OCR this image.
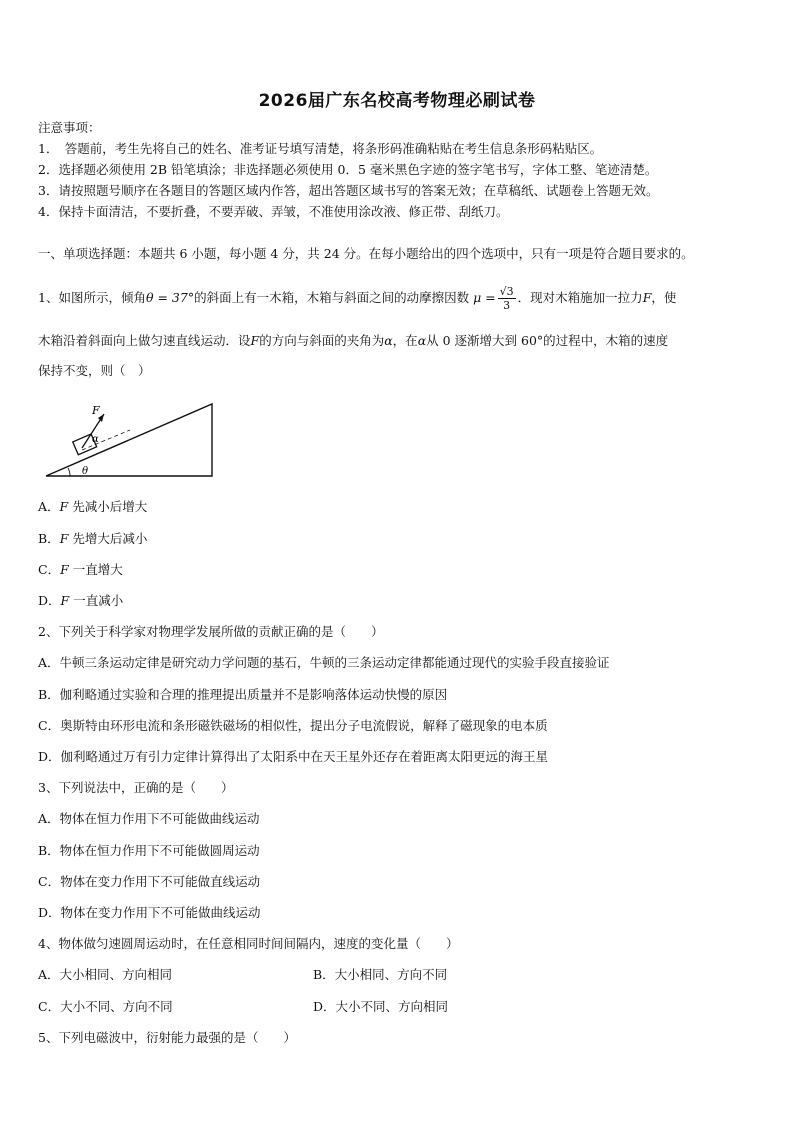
2026届广东名校高考物理必刷试卷
注意事项：
1．　答题前，考生先将自己的姓名、准考证号填写清楚，将条形码准确粘贴在考生信息条形码粘贴区。
2．选择题必须使用 2B 铅笔填涂；非选择题必须使用 0．5 毫米黑色字迹的签字笔书写，字体工整、笔迹清楚。
3．请按照题号顺序在各题目的答题区域内作答，超出答题区域书写的答案无效；在草稿纸、试题卷上答题无效。
4．保持卡面清洁，不要折叠，不要弄破、弄皱，不准使用涂改液、修正带、刮纸刀。
一、单项选择题：本题共 6 小题，每小题 4 分，共 24 分。在每小题给出的四个选项中，只有一项是符合题目要求的。
1、如图所示，倾角θ = 37°的斜面上有一木箱，木箱与斜面之间的动摩擦因数 $\mu = \frac{√3}{3}$ ．现对木箱施加一拉力F，使
木箱沿着斜面向上做匀速直线运动．设F的方向与斜面的夹角为α，在α从 0 逐渐增大到 60°的过程中，木箱的速度
保持不变，则（　）
F
α
θ
A．F 先减小后增大
B．F 先增大后减小
C．F 一直增大
D．F 一直减小
2、下列关于科学家对物理学发展所做的贡献正确的是（　　）
A．牛顿三条运动定律是研究动力学问题的基石，牛顿的三条运动定律都能通过现代的实验手段直接验证
B．伽利略通过实验和合理的推理提出质量并不是影响落体运动快慢的原因
C．奥斯特由环形电流和条形磁铁磁场的相似性，提出分子电流假说，解释了磁现象的电本质
D．伽利略通过万有引力定律计算得出了太阳系中在天王星外还存在着距离太阳更远的海王星
3、下列说法中，正确的是（　　）
A．物体在恒力作用下不可能做曲线运动
B．物体在恒力作用下不可能做圆周运动
C．物体在变力作用下不可能做直线运动
D．物体在变力作用下不可能做曲线运动
4、物体做匀速圆周运动时，在任意相同时间间隔内，速度的变化量（　　）
A．大小相同、方向相同	B．大小相同、方向不同
C．大小不同、方向不同	D．大小不同、方向相同
5、下列电磁波中，衍射能力最强的是（　　）
